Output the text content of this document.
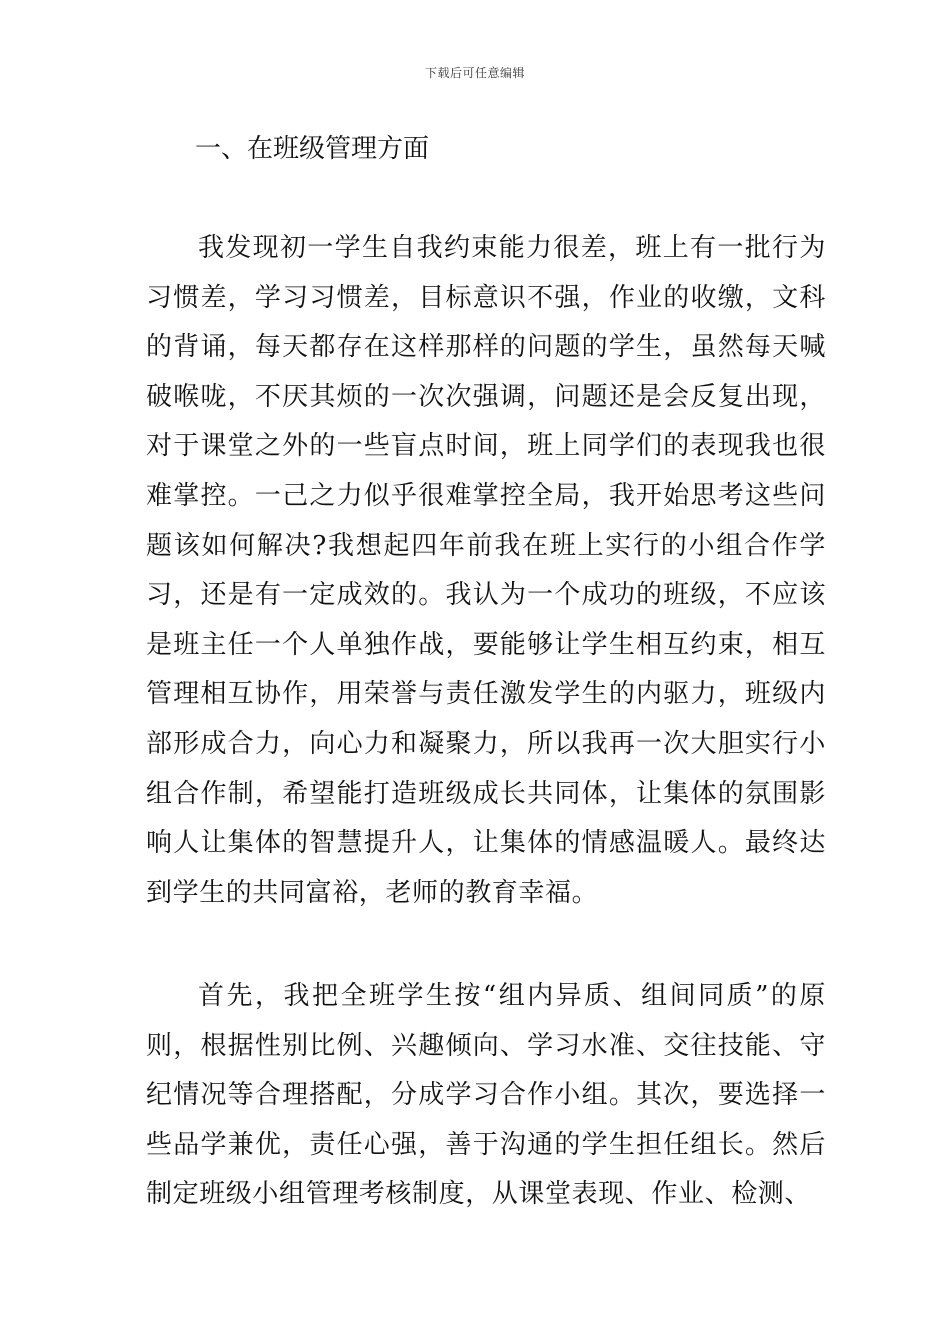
下载后可任意编辑
一、在班级管理方面

我发现初一学生自我约束能力很差，班上有一批行为习惯差，学习习惯差，目标意识不强，作业的收缴，文科的背诵，每天都存在这样那样的问题的学生，虽然每天喊破喉咙，不厌其烦的一次次强调，问题还是会反复出现，对于课堂之外的一些盲点时间，班上同学们的表现我也很难掌控。一己之力似乎很难掌控全局，我开始思考这些问题该如何解决?我想起四年前我在班上实行的小组合作学习，还是有一定成效的。我认为一个成功的班级，不应该是班主任一个人单独作战，要能够让学生相互约束，相互管理相互协作，用荣誉与责任激发学生的内驱力，班级内部形成合力，向心力和凝聚力，所以我再一次大胆实行小组合作制，希望能打造班级成长共同体，让集体的氛围影响人让集体的智慧提升人，让集体的情感温暖人。最终达到学生的共同富裕，老师的教育幸福。

首先，我把全班学生按“组内异质、组间同质”的原则，根据性别比例、兴趣倾向、学习水准、交往技能、守纪情况等合理搭配，分成学习合作小组。其次，要选择一些品学兼优，责任心强，善于沟通的学生担任组长。然后制定班级小组管理考核制度，从课堂表现、作业、检测、
